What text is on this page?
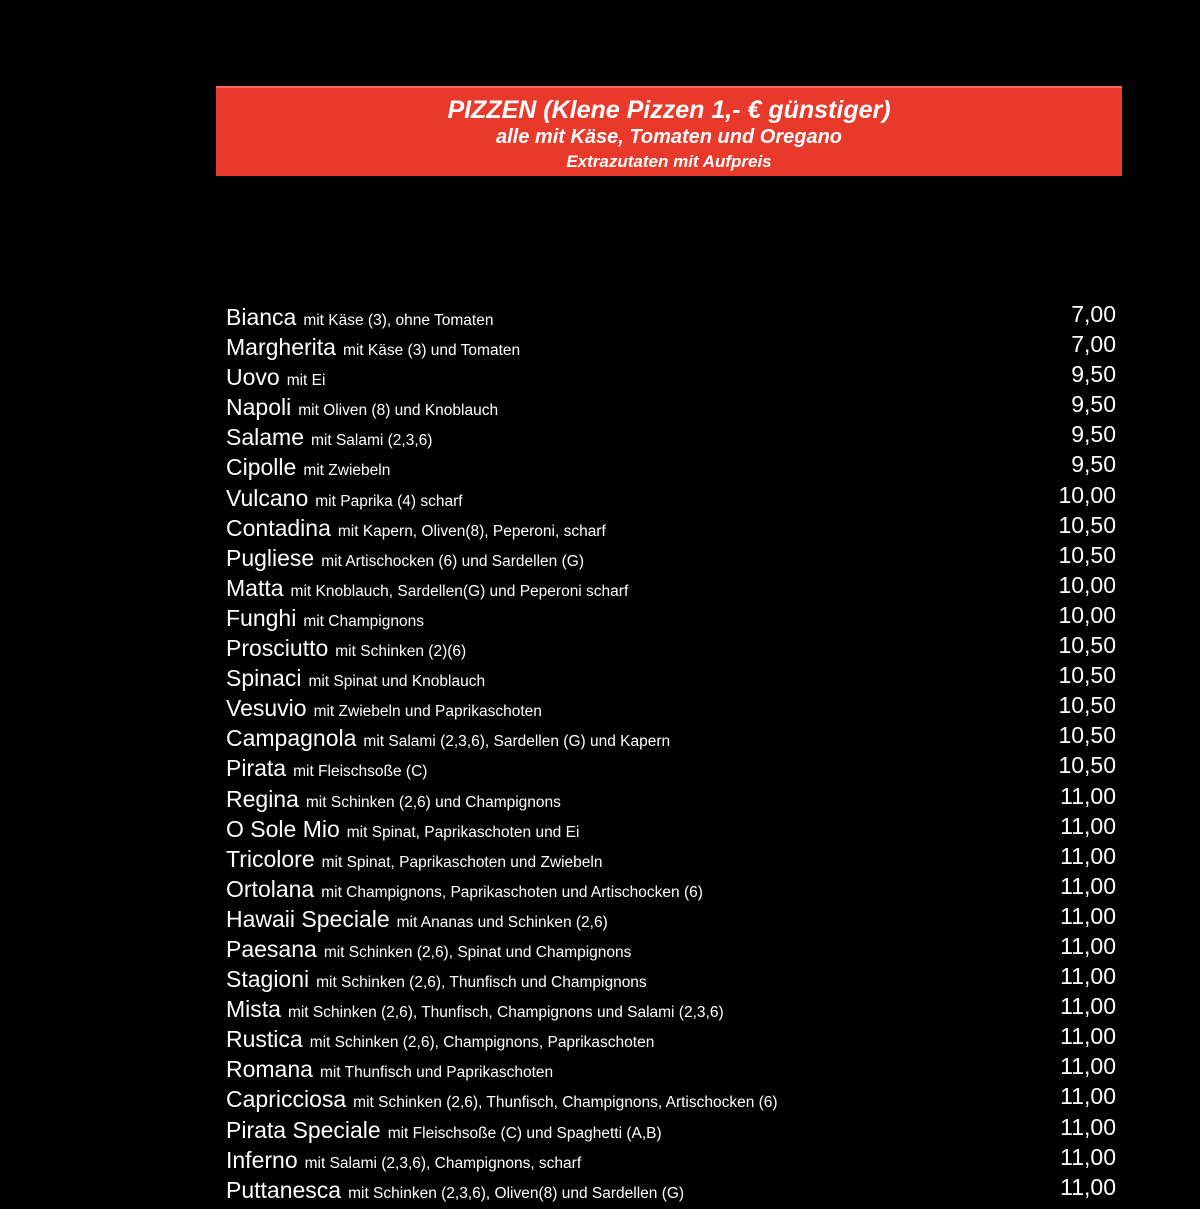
PIZZEN (Klene Pizzen 1,- € günstiger)
alle mit Käse, Tomaten und Oregano
Extrazutaten mit Aufpreis
Bianca mit Käse (3), ohne Tomaten	7,00
Margherita mit Käse (3) und Tomaten	7,00
Uovo mit Ei	9,50
Napoli mit Oliven (8) und Knoblauch	9,50
Salame mit Salami (2,3,6)	9,50
Cipolle mit Zwiebeln	9,50
Vulcano mit Paprika (4) scharf	10,00
Contadina mit Kapern, Oliven(8), Peperoni, scharf	10,50
Pugliese mit Artischocken (6) und Sardellen (G)	10,50
Matta mit Knoblauch, Sardellen(G) und Peperoni scharf	10,00
Funghi mit Champignons	10,00
Prosciutto mit Schinken (2)(6)	10,50
Spinaci mit Spinat und Knoblauch	10,50
Vesuvio mit Zwiebeln und Paprikaschoten	10,50
Campagnola mit Salami (2,3,6), Sardellen (G) und Kapern	10,50
Pirata mit Fleischsoße (C)	10,50
Regina mit Schinken (2,6) und Champignons	11,00
O Sole Mio mit Spinat, Paprikaschoten und Ei	11,00
Tricolore mit Spinat, Paprikaschoten und Zwiebeln	11,00
Ortolana mit Champignons, Paprikaschoten und Artischocken (6)	11,00
Hawaii Speciale mit Ananas und Schinken (2,6)	11,00
Paesana mit Schinken (2,6), Spinat und Champignons	11,00
Stagioni mit Schinken (2,6), Thunfisch und Champignons	11,00
Mista mit Schinken (2,6), Thunfisch, Champignons und Salami (2,3,6)	11,00
Rustica mit Schinken (2,6), Champignons, Paprikaschoten	11,00
Romana mit Thunfisch und Paprikaschoten	11,00
Capricciosa mit Schinken (2,6), Thunfisch, Champignons, Artischocken (6)	11,00
Pirata Speciale mit Fleischsoße (C) und Spaghetti (A,B)	11,00
Inferno mit Salami (2,3,6), Champignons, scharf	11,00
Puttanesca mit Schinken (2,3,6), Oliven(8) und Sardellen (G)	11,00
